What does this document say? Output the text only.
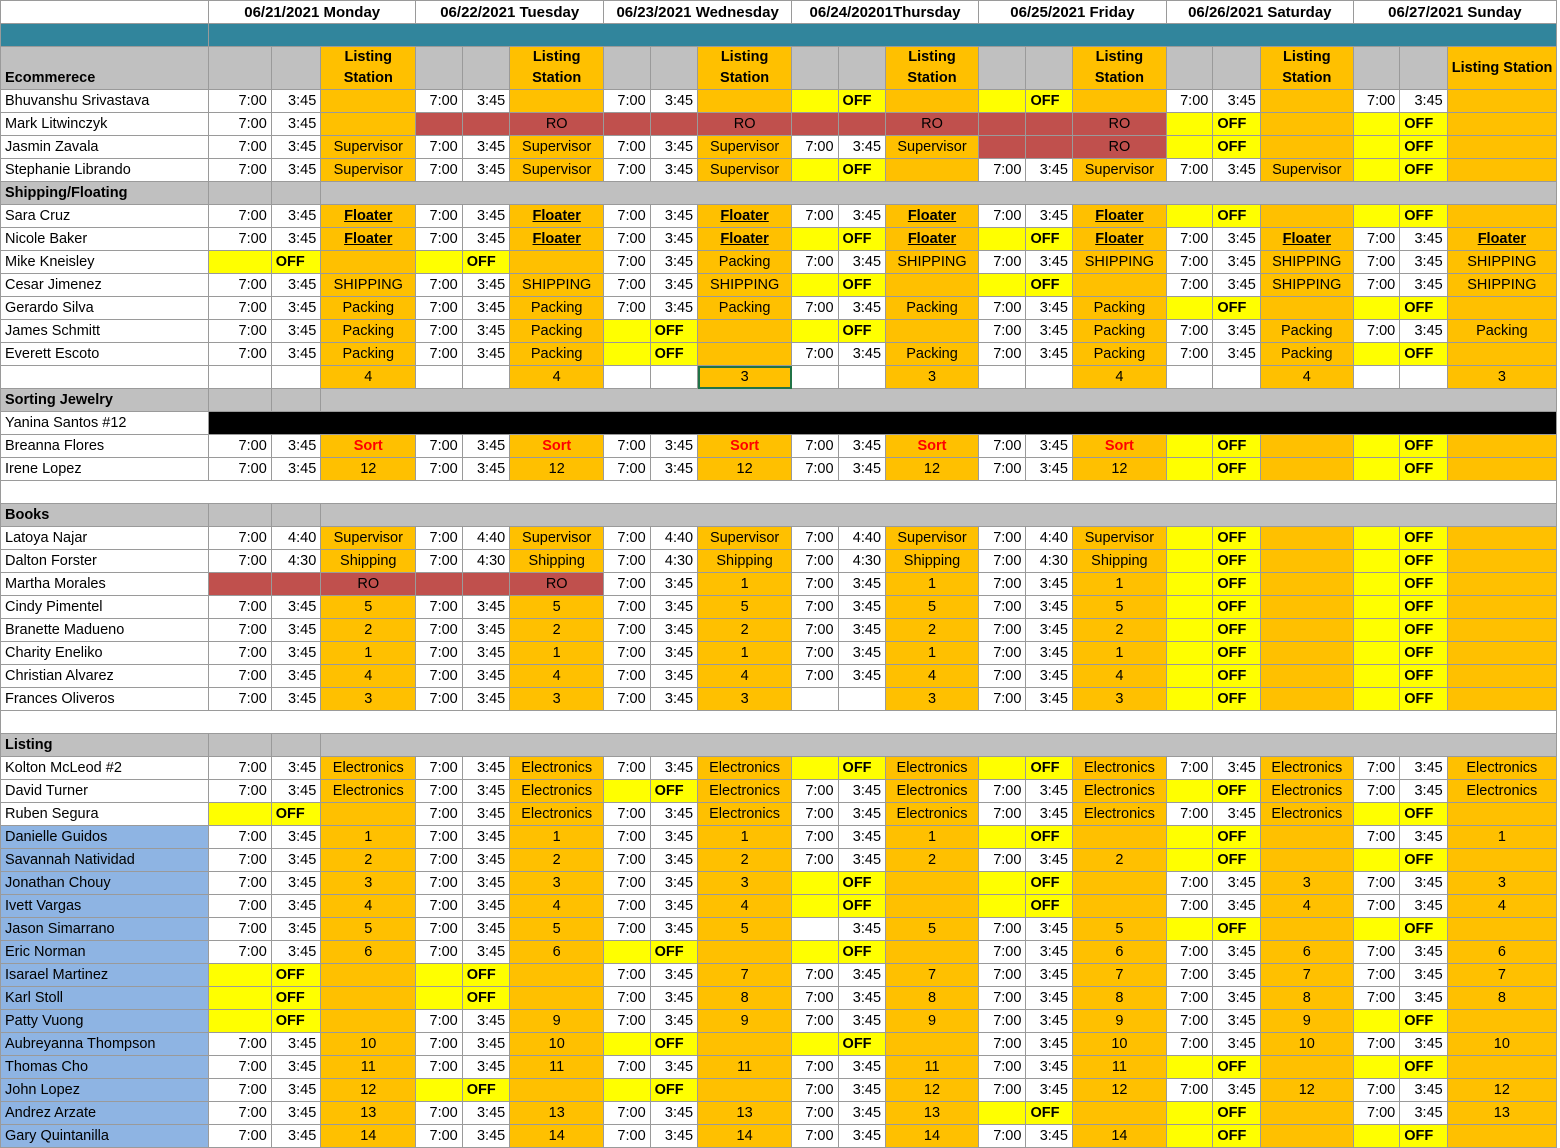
	06/21/2021 Monday			06/22/2021 Tuesday			06/23/2021 Wednesday			06/24/20201Thursday			06/25/2021 Friday			06/26/2021 Saturday			06/27/2021 Sunday		

Ecommerece			Listing Station			Listing Station			Listing Station			Listing Station			Listing Station			Listing Station			Listing Station
Bhuvanshu Srivastava	7:00	3:45		7:00	3:45		7:00	3:45			OFF			OFF		7:00	3:45		7:00	3:45	
Mark Litwinczyk	7:00	3:45				RO			RO			RO			RO		OFF			OFF	
Jasmin Zavala	7:00	3:45	Supervisor	7:00	3:45	Supervisor	7:00	3:45	Supervisor	7:00	3:45	Supervisor			RO		OFF			OFF	
Stephanie Librando	7:00	3:45	Supervisor	7:00	3:45	Supervisor	7:00	3:45	Supervisor		OFF		7:00	3:45	Supervisor	7:00	3:45	Supervisor		OFF	
Shipping/Floating																					
Sara Cruz	7:00	3:45	Floater	7:00	3:45	Floater	7:00	3:45	Floater	7:00	3:45	Floater	7:00	3:45	Floater		OFF			OFF	
Nicole Baker	7:00	3:45	Floater	7:00	3:45	Floater	7:00	3:45	Floater		OFF	Floater		OFF	Floater	7:00	3:45	Floater	7:00	3:45	Floater
Mike Kneisley		OFF			OFF		7:00	3:45	Packing	7:00	3:45	SHIPPING	7:00	3:45	SHIPPING	7:00	3:45	SHIPPING	7:00	3:45	SHIPPING
Cesar Jimenez	7:00	3:45	SHIPPING	7:00	3:45	SHIPPING	7:00	3:45	SHIPPING		OFF			OFF		7:00	3:45	SHIPPING	7:00	3:45	SHIPPING
Gerardo Silva	7:00	3:45	Packing	7:00	3:45	Packing	7:00	3:45	Packing	7:00	3:45	Packing	7:00	3:45	Packing		OFF			OFF	
James Schmitt	7:00	3:45	Packing	7:00	3:45	Packing		OFF			OFF		7:00	3:45	Packing	7:00	3:45	Packing	7:00	3:45	Packing
Everett Escoto	7:00	3:45	Packing	7:00	3:45	Packing		OFF		7:00	3:45	Packing	7:00	3:45	Packing	7:00	3:45	Packing		OFF	
			4			4			3			3			4			4			3
Sorting Jewelry																					
Yanina Santos #12																					
Breanna Flores	7:00	3:45	Sort	7:00	3:45	Sort	7:00	3:45	Sort	7:00	3:45	Sort	7:00	3:45	Sort		OFF			OFF	
Irene Lopez	7:00	3:45	12	7:00	3:45	12	7:00	3:45	12	7:00	3:45	12	7:00	3:45	12		OFF			OFF	

Books																					
Latoya Najar	7:00	4:40	Supervisor	7:00	4:40	Supervisor	7:00	4:40	Supervisor	7:00	4:40	Supervisor	7:00	4:40	Supervisor		OFF			OFF	
Dalton Forster	7:00	4:30	Shipping	7:00	4:30	Shipping	7:00	4:30	Shipping	7:00	4:30	Shipping	7:00	4:30	Shipping		OFF			OFF	
Martha Morales			RO			RO	7:00	3:45	1	7:00	3:45	1	7:00	3:45	1		OFF			OFF	
Cindy Pimentel	7:00	3:45	5	7:00	3:45	5	7:00	3:45	5	7:00	3:45	5	7:00	3:45	5		OFF			OFF	
Branette Madueno	7:00	3:45	2	7:00	3:45	2	7:00	3:45	2	7:00	3:45	2	7:00	3:45	2		OFF			OFF	
Charity Eneliko	7:00	3:45	1	7:00	3:45	1	7:00	3:45	1	7:00	3:45	1	7:00	3:45	1		OFF			OFF	
Christian Alvarez	7:00	3:45	4	7:00	3:45	4	7:00	3:45	4	7:00	3:45	4	7:00	3:45	4		OFF			OFF	
Frances Oliveros	7:00	3:45	3	7:00	3:45	3	7:00	3:45	3			3	7:00	3:45	3		OFF			OFF	

Listing																					
Kolton McLeod #2	7:00	3:45	Electronics	7:00	3:45	Electronics	7:00	3:45	Electronics		OFF	Electronics		OFF	Electronics	7:00	3:45	Electronics	7:00	3:45	Electronics
David Turner	7:00	3:45	Electronics	7:00	3:45	Electronics		OFF	Electronics	7:00	3:45	Electronics	7:00	3:45	Electronics		OFF	Electronics	7:00	3:45	Electronics
Ruben Segura		OFF		7:00	3:45	Electronics	7:00	3:45	Electronics	7:00	3:45	Electronics	7:00	3:45	Electronics	7:00	3:45	Electronics		OFF	
Danielle Guidos	7:00	3:45	1	7:00	3:45	1	7:00	3:45	1	7:00	3:45	1		OFF			OFF		7:00	3:45	1
Savannah Natividad	7:00	3:45	2	7:00	3:45	2	7:00	3:45	2	7:00	3:45	2	7:00	3:45	2		OFF			OFF	
Jonathan Chouy	7:00	3:45	3	7:00	3:45	3	7:00	3:45	3		OFF			OFF		7:00	3:45	3	7:00	3:45	3
Ivett Vargas	7:00	3:45	4	7:00	3:45	4	7:00	3:45	4		OFF			OFF		7:00	3:45	4	7:00	3:45	4
Jason Simarrano	7:00	3:45	5	7:00	3:45	5	7:00	3:45	5		3:45	5	7:00	3:45	5		OFF			OFF	
Eric Norman	7:00	3:45	6	7:00	3:45	6		OFF			OFF		7:00	3:45	6	7:00	3:45	6	7:00	3:45	6
Isarael Martinez		OFF			OFF		7:00	3:45	7	7:00	3:45	7	7:00	3:45	7	7:00	3:45	7	7:00	3:45	7
Karl Stoll		OFF			OFF		7:00	3:45	8	7:00	3:45	8	7:00	3:45	8	7:00	3:45	8	7:00	3:45	8
Patty Vuong		OFF		7:00	3:45	9	7:00	3:45	9	7:00	3:45	9	7:00	3:45	9	7:00	3:45	9		OFF	
Aubreyanna Thompson	7:00	3:45	10	7:00	3:45	10		OFF			OFF		7:00	3:45	10	7:00	3:45	10	7:00	3:45	10
Thomas Cho	7:00	3:45	11	7:00	3:45	11	7:00	3:45	11	7:00	3:45	11	7:00	3:45	11		OFF			OFF	
John Lopez	7:00	3:45	12		OFF			OFF		7:00	3:45	12	7:00	3:45	12	7:00	3:45	12	7:00	3:45	12
Andrez Arzate	7:00	3:45	13	7:00	3:45	13	7:00	3:45	13	7:00	3:45	13		OFF			OFF		7:00	3:45	13
Gary Quintanilla	7:00	3:45	14	7:00	3:45	14	7:00	3:45	14	7:00	3:45	14	7:00	3:45	14		OFF			OFF	
